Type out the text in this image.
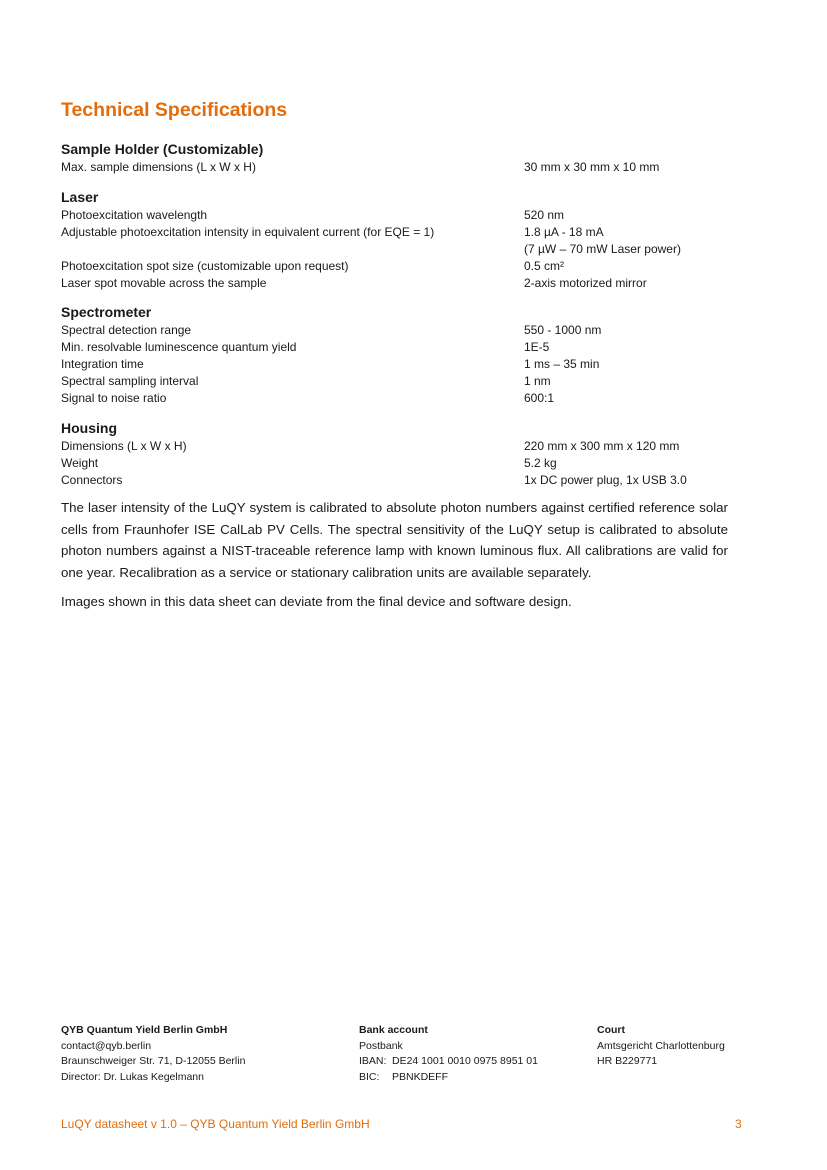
Technical Specifications
Sample Holder (Customizable)
Max. sample dimensions (L x W x H)	30 mm x 30 mm x 10 mm
Laser
Photoexcitation wavelength	520 nm
Adjustable photoexcitation intensity in equivalent current (for EQE = 1)	1.8 µA - 18 mA
(7 µW – 70 mW Laser power)
Photoexcitation spot size (customizable upon request)	0.5 cm²
Laser spot movable across the sample	2-axis motorized mirror
Spectrometer
Spectral detection range	550 - 1000 nm
Min. resolvable luminescence quantum yield	1E-5
Integration time	1 ms – 35 min
Spectral sampling interval	1 nm
Signal to noise ratio	600:1
Housing
Dimensions (L x W x H)	220 mm x 300 mm x 120 mm
Weight	5.2 kg
Connectors	1x DC power plug, 1x USB 3.0

The laser intensity of the LuQY system is calibrated to absolute photon numbers against certified reference solar cells from Fraunhofer ISE CalLab PV Cells. The spectral sensitivity of the LuQY setup is calibrated to absolute photon numbers against a NIST-traceable reference lamp with known luminous flux. All calibrations are valid for one year. Recalibration as a service or stationary calibration units are available separately.

Images shown in this data sheet can deviate from the final device and software design.

QYB Quantum Yield Berlin GmbH
contact@qyb.berlin
Braunschweiger Str. 71, D-12055 Berlin
Director: Dr. Lukas Kegelmann
Bank account
Postbank
IBAN: DE24 1001 0010 0975 8951 01
BIC: PBNKDEFF
Court
Amtsgericht Charlottenburg
HR B229771
LuQY datasheet v 1.0 – QYB Quantum Yield Berlin GmbH	3
